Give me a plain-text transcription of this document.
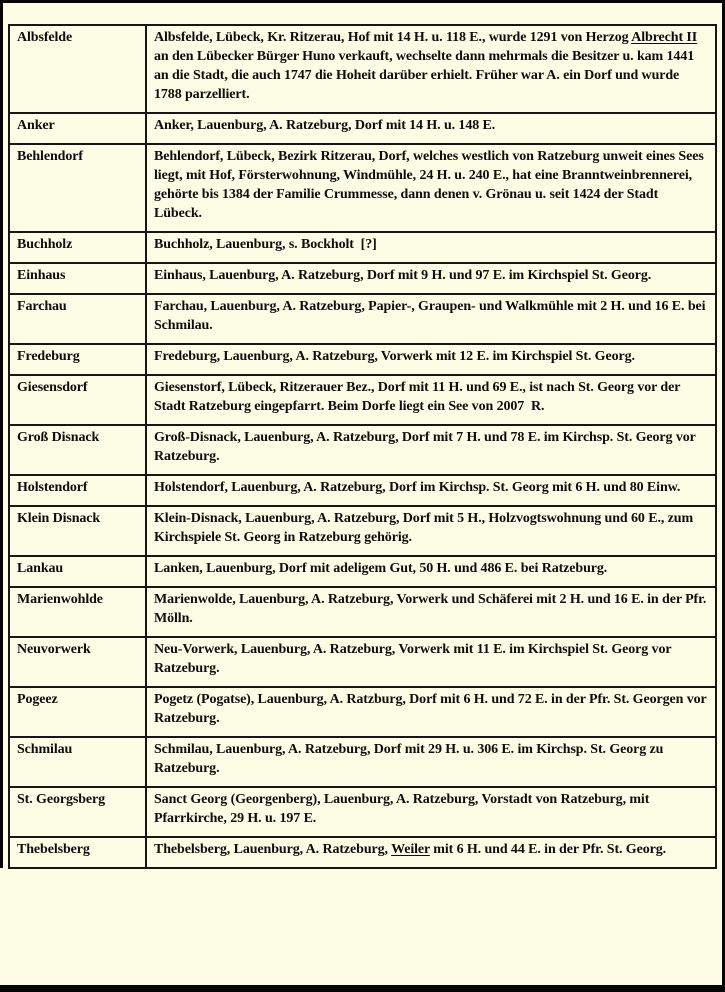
Albsfelde	Albsfelde, Lübeck, Kr. Ritzerau, Hof mit 14 H. u. 118 E., wurde 1291 von Herzog Albrecht II an den Lübecker Bürger Huno verkauft, wechselte dann mehrmals die Besitzer u. kam 1441 an die Stadt, die auch 1747 die Hoheit darüber erhielt. Früher war A. ein Dorf und wurde 1788 parzelliert.
Anker	Anker, Lauenburg, A. Ratzeburg, Dorf mit 14 H. u. 148 E.
Behlendorf	Behlendorf, Lübeck, Bezirk Ritzerau, Dorf, welches westlich von Ratzeburg unweit eines Sees liegt, mit Hof, Försterwohnung, Windmühle, 24 H. u. 240 E., hat eine Branntweinbrennerei, gehörte bis 1384 der Familie Crummesse, dann denen v. Grönau u. seit 1424 der Stadt Lübeck.
Buchholz	Buchholz, Lauenburg, s. Bockholt  [?]
Einhaus	Einhaus, Lauenburg, A. Ratzeburg, Dorf mit 9 H. und 97 E. im Kirchspiel St. Georg.
Farchau	Farchau, Lauenburg, A. Ratzeburg, Papier-, Graupen- und Walkmühle mit 2 H. und 16 E. bei Schmilau.
Fredeburg	Fredeburg, Lauenburg, A. Ratzeburg, Vorwerk mit 12 E. im Kirchspiel St. Georg.
Giesensdorf	Giesenstorf, Lübeck, Ritzerauer Bez., Dorf mit 11 H. und 69 E., ist nach St. Georg vor der Stadt Ratzeburg eingepfarrt. Beim Dorfe liegt ein See von 2007  R.
Groß Disnack	Groß-Disnack, Lauenburg, A. Ratzeburg, Dorf mit 7 H. und 78 E. im Kirchsp. St. Georg vor Ratzeburg.
Holstendorf	Holstendorf, Lauenburg, A. Ratzeburg, Dorf im Kirchsp. St. Georg mit 6 H. und 80 Einw.
Klein Disnack	Klein-Disnack, Lauenburg, A. Ratzeburg, Dorf mit 5 H., Holzvogtswohnung und 60 E., zum Kirchspiele St. Georg in Ratzeburg gehörig.
Lankau	Lanken, Lauenburg, Dorf mit adeligem Gut, 50 H. und 486 E. bei Ratzeburg.
Marienwohlde	Marienwolde, Lauenburg, A. Ratzeburg, Vorwerk und Schäferei mit 2 H. und 16 E. in der Pfr. Mölln.
Neuvorwerk	Neu-Vorwerk, Lauenburg, A. Ratzeburg, Vorwerk mit 11 E. im Kirchspiel St. Georg vor Ratzeburg.
Pogeez	Pogetz (Pogatse), Lauenburg, A. Ratzburg, Dorf mit 6 H. und 72 E. in der Pfr. St. Georgen vor Ratzeburg.
Schmilau	Schmilau, Lauenburg, A. Ratzeburg, Dorf mit 29 H. u. 306 E. im Kirchsp. St. Georg zu Ratzeburg.
St. Georgsberg	Sanct Georg (Georgenberg), Lauenburg, A. Ratzeburg, Vorstadt von Ratzeburg, mit Pfarrkirche, 29 H. u. 197 E.
Thebelsberg	Thebelsberg, Lauenburg, A. Ratzeburg, Weiler mit 6 H. und 44 E. in der Pfr. St. Georg.
